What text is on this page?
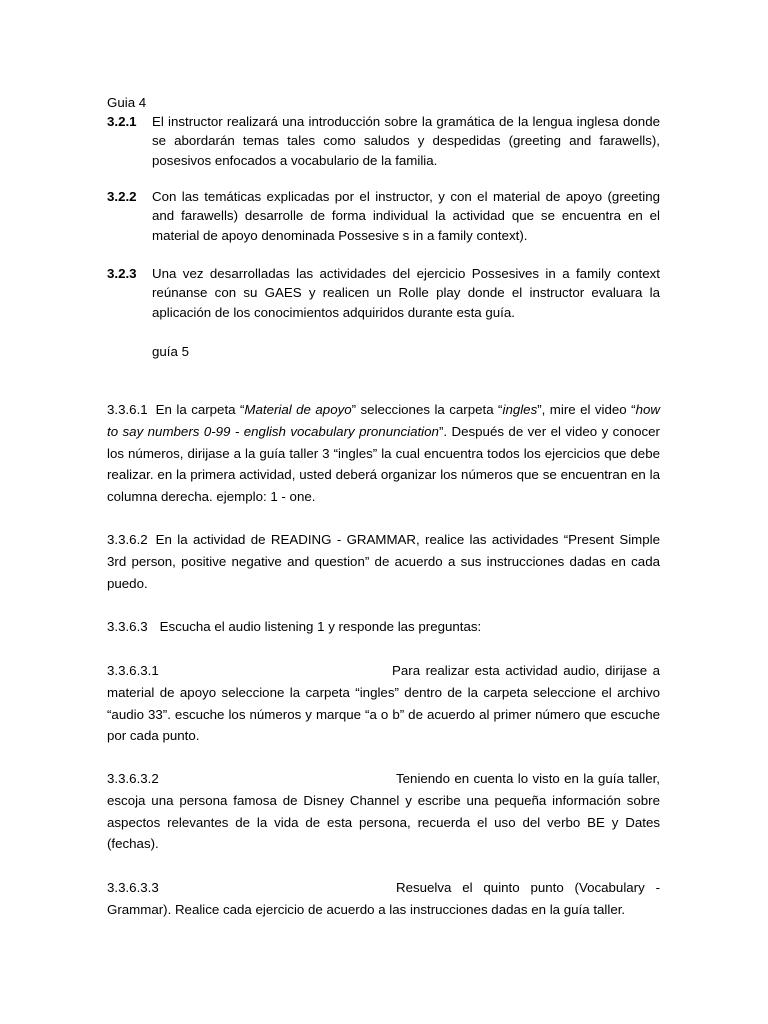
Guia 4
3.2.1 El instructor realizará una introducción sobre la gramática de la lengua inglesa donde se abordarán temas tales como saludos y despedidas (greeting and farawells), posesivos enfocados a vocabulario de la familia.
3.2.2 Con las temáticas explicadas por el instructor, y con el material de apoyo (greeting and farawells) desarrolle de forma individual la actividad que se encuentra en el material de apoyo denominada Possesive s in a family context).
3.2.3 Una vez desarrolladas las actividades del ejercicio Possesives in a family context reúnanse con su GAES y realicen un Rolle play donde el instructor evaluara la aplicación de los conocimientos adquiridos durante esta guía.
guía 5
3.3.6.1 En la carpeta “Material de apoyo” selecciones la carpeta “ingles”, mire el video “how to say numbers 0-99 - english vocabulary pronunciation”. Después de ver el video y conocer los números, dirijase a la guía taller 3 “ingles” la cual encuentra todos los ejercicios que debe realizar. en la primera actividad, usted deberá organizar los números que se encuentran en la columna derecha. ejemplo: 1 - one.
3.3.6.2 En la actividad de READING - GRAMMAR, realice las actividades “Present Simple 3rd person, positive negative and question” de acuerdo a sus instrucciones dadas en cada puedo.
3.3.6.3 Escucha el audio listening 1 y responde las preguntas:
3.3.6.3.1	Para realizar esta actividad audio, dirijase a material de apoyo seleccione la carpeta “ingles” dentro de la carpeta seleccione el archivo “audio 33”. escuche los números y marque “a o b” de acuerdo al primer número que escuche por cada punto.
3.3.6.3.2	Teniendo en cuenta lo visto en la guía taller, escoja una persona famosa de Disney Channel y escribe una pequeña información sobre aspectos relevantes de la vida de esta persona, recuerda el uso del verbo BE y Dates (fechas).
3.3.6.3.3	Resuelva el quinto punto (Vocabulary - Grammar). Realice cada ejercicio de acuerdo a las instrucciones dadas en la guía taller.
